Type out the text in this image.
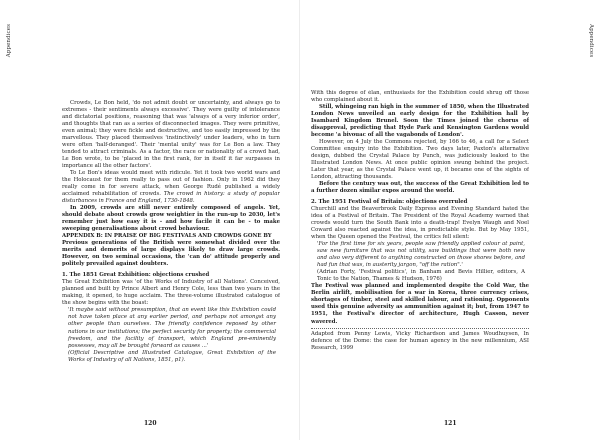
Appendices	Appendices

Crowds, Le Bon held, 'do not admit doubt or uncertainty, and always go to extremes - their sentiments always excessive'. They were guilty of intolerance and dictatorial positions, reasoning that was 'always of a very inferior order', and thoughts that ran as a series of disconnected images. They were primitive, even animal; they were fickle and destructive, and too easily impressed by the marvellous. They placed themselves 'instinctively' under leaders, who in turn were often 'half-deranged'. Their 'mental unity' was for Le Bon a law. They tended to attract criminals. As a factor, the race or nationality of a crowd had, Le Bon wrote, to be 'placed in the first rank, for in itself it far surpasses in importance all the other factors'.

To Le Bon's ideas would meet with ridicule. Yet it took two world wars and the Holocaust for them really to pass out of fashion. Only in 1962 did they really come in for severe attack, when George Rudé published a widely acclaimed rehabilitation of crowds. The crowd in history: a study of popular disturbances in France and England, 1730-1848.

In 2009, crowds are still never entirely composed of angels. Yet, should debate about crowds grow weightier in the run-up to 2030, let's remember just how easy it is - and how facile it can be - to make sweeping generalisations about crowd behaviour.

APPENDIX B: IN PRAISE OF BIG FESTIVALS AND CROWDS GONE BY

Previous generations of the British were somewhat divided over the merits and demerits of large displays likely to draw large crowds. However, on two seminal occasions, the 'can do' attitude properly and politely prevailed against doubters.

1. The 1851 Great Exhibition: objections crushed

The Great Exhibition was 'of the Works of Industry of all Nations'. Conceived, planned and built by Prince Albert and Henry Cole, less than two years in the making, it opened, to huge acclaim. The three-volume illustrated catalogue of the show begins with the boast:

'It maybe said without presumption, that an event like this Exhibition could not have taken place at any earlier period, and perhaps not amongst any other people than ourselves. The friendly confidence reposed by other nations in our institutions; the perfect security for property; the commercial freedom, and the facility of transport, which England pre-eminently possesses, may all be brought forward as causes ...'

(Official Descriptive and Illustrated Catalogue, Great Exhibition of the Works of Industry of all Nations, 1851, p1).

With this degree of élan, enthusiasts for the Exhibition could shrug off those who complained about it.

Still, whingeing ran high in the summer of 1850, when the Illustrated London News unveiled an early design for the Exhibition hall by Isambard Kingdom Brunel. Soon the Times joined the chorus of disapproval, predicting that Hyde Park and Kensington Gardens would become 'a bivouac of all the vagabonds of London'.

However, on 4 July the Commons rejected, by 166 to 46, a call for a Select Committee enquiry into the Exhibition. Two days later, Paxton's alternative design, dubbed the Crystal Palace by Punch, was judiciously leaked to the Illustrated London News. At once public opinion swung behind the project. Later that year, as the Crystal Palace went up, it became one of the sights of London, attracting thousands.

Before the century was out, the success of the Great Exhibition led to a further dozen similar expos around the world.

2. The 1951 Festival of Britain: objections overruled

Churchill and the Beaverbrook Daily Express and Evening Standard hated the idea of a Festival of Britain. The President of the Royal Academy warned that crowds would turn the South Bank into a death-trap! Evelyn Waugh and Noel Coward also reacted against the idea, in predictable style. But by May 1951, when the Queen opened the Festival, the critics fell silent:

'For the first time for six years, people saw friendly applied colour at paint, saw new furniture that was not utility, saw buildings that were both new and also very different to anything constructed on those shores before, and had fun that was, in austerity jargon, "off the ration".'

(Adrian Forty, 'Festival politics', in Banham and Bevis Hillier, editors, A Tonic to the Nation, Thames & Hudson, 1976)

The Festival was planned and implemented despite the Cold War, the Berlin airlift, mobilisation for a war in Korea, three currency crises, shortages of timber, steel and skilled labour, and rationing. Opponents used this genuine adversity as ammunition against it; but, from 1947 to 1951, the Festival's director of architecture, Hugh Casson, never wavered.

Adapted from Penny Lewis, Vicky Richardson and James Woudhuysen, In defence of the Dome: the case for human agency in the new millennium, ASI Research, 1999

120	121
